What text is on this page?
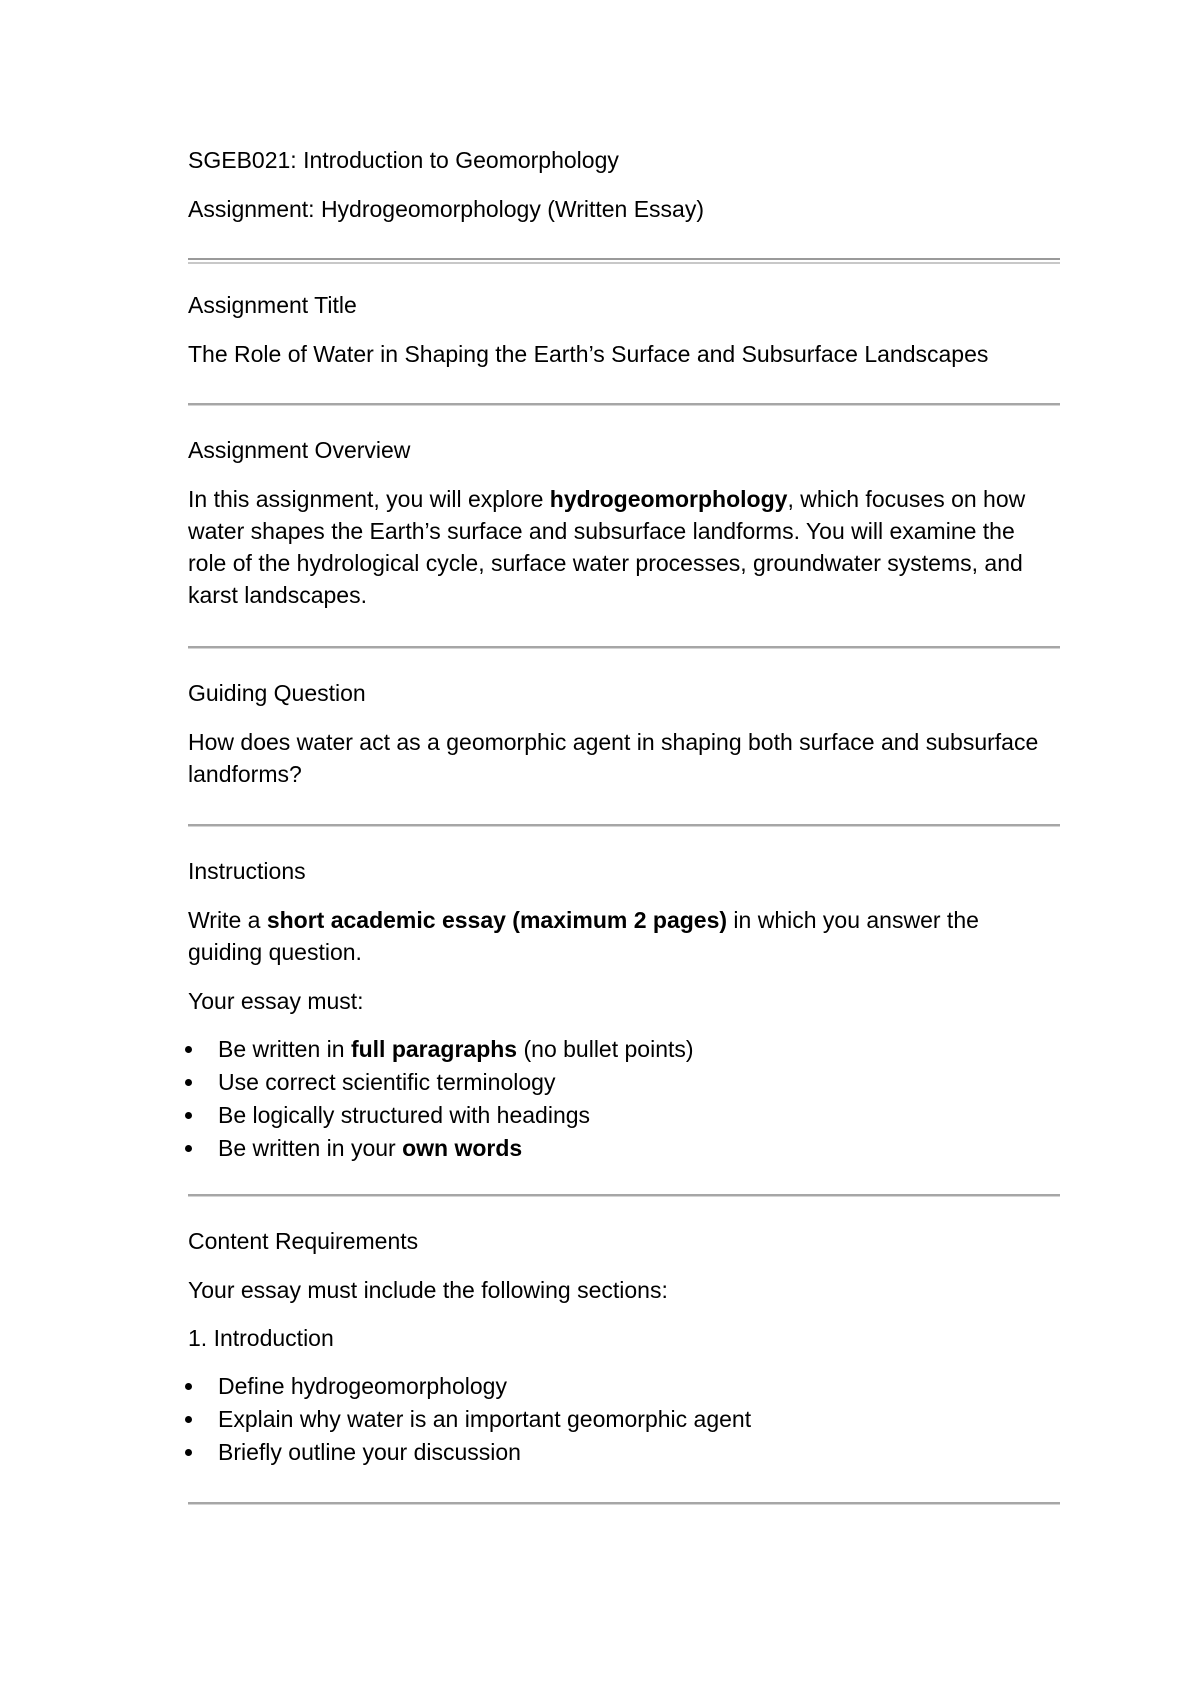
SGEB021: Introduction to Geomorphology
Assignment: Hydrogeomorphology (Written Essay)
Assignment Title
The Role of Water in Shaping the Earth’s Surface and Subsurface Landscapes
Assignment Overview
In this assignment, you will explore hydrogeomorphology, which focuses on how water shapes the Earth’s surface and subsurface landforms. You will examine the role of the hydrological cycle, surface water processes, groundwater systems, and karst landscapes.
Guiding Question
How does water act as a geomorphic agent in shaping both surface and subsurface landforms?
Instructions
Write a short academic essay (maximum 2 pages) in which you answer the guiding question.
Your essay must:
Be written in full paragraphs (no bullet points)
Use correct scientific terminology
Be logically structured with headings
Be written in your own words
Content Requirements
Your essay must include the following sections:
1. Introduction
Define hydrogeomorphology
Explain why water is an important geomorphic agent
Briefly outline your discussion
